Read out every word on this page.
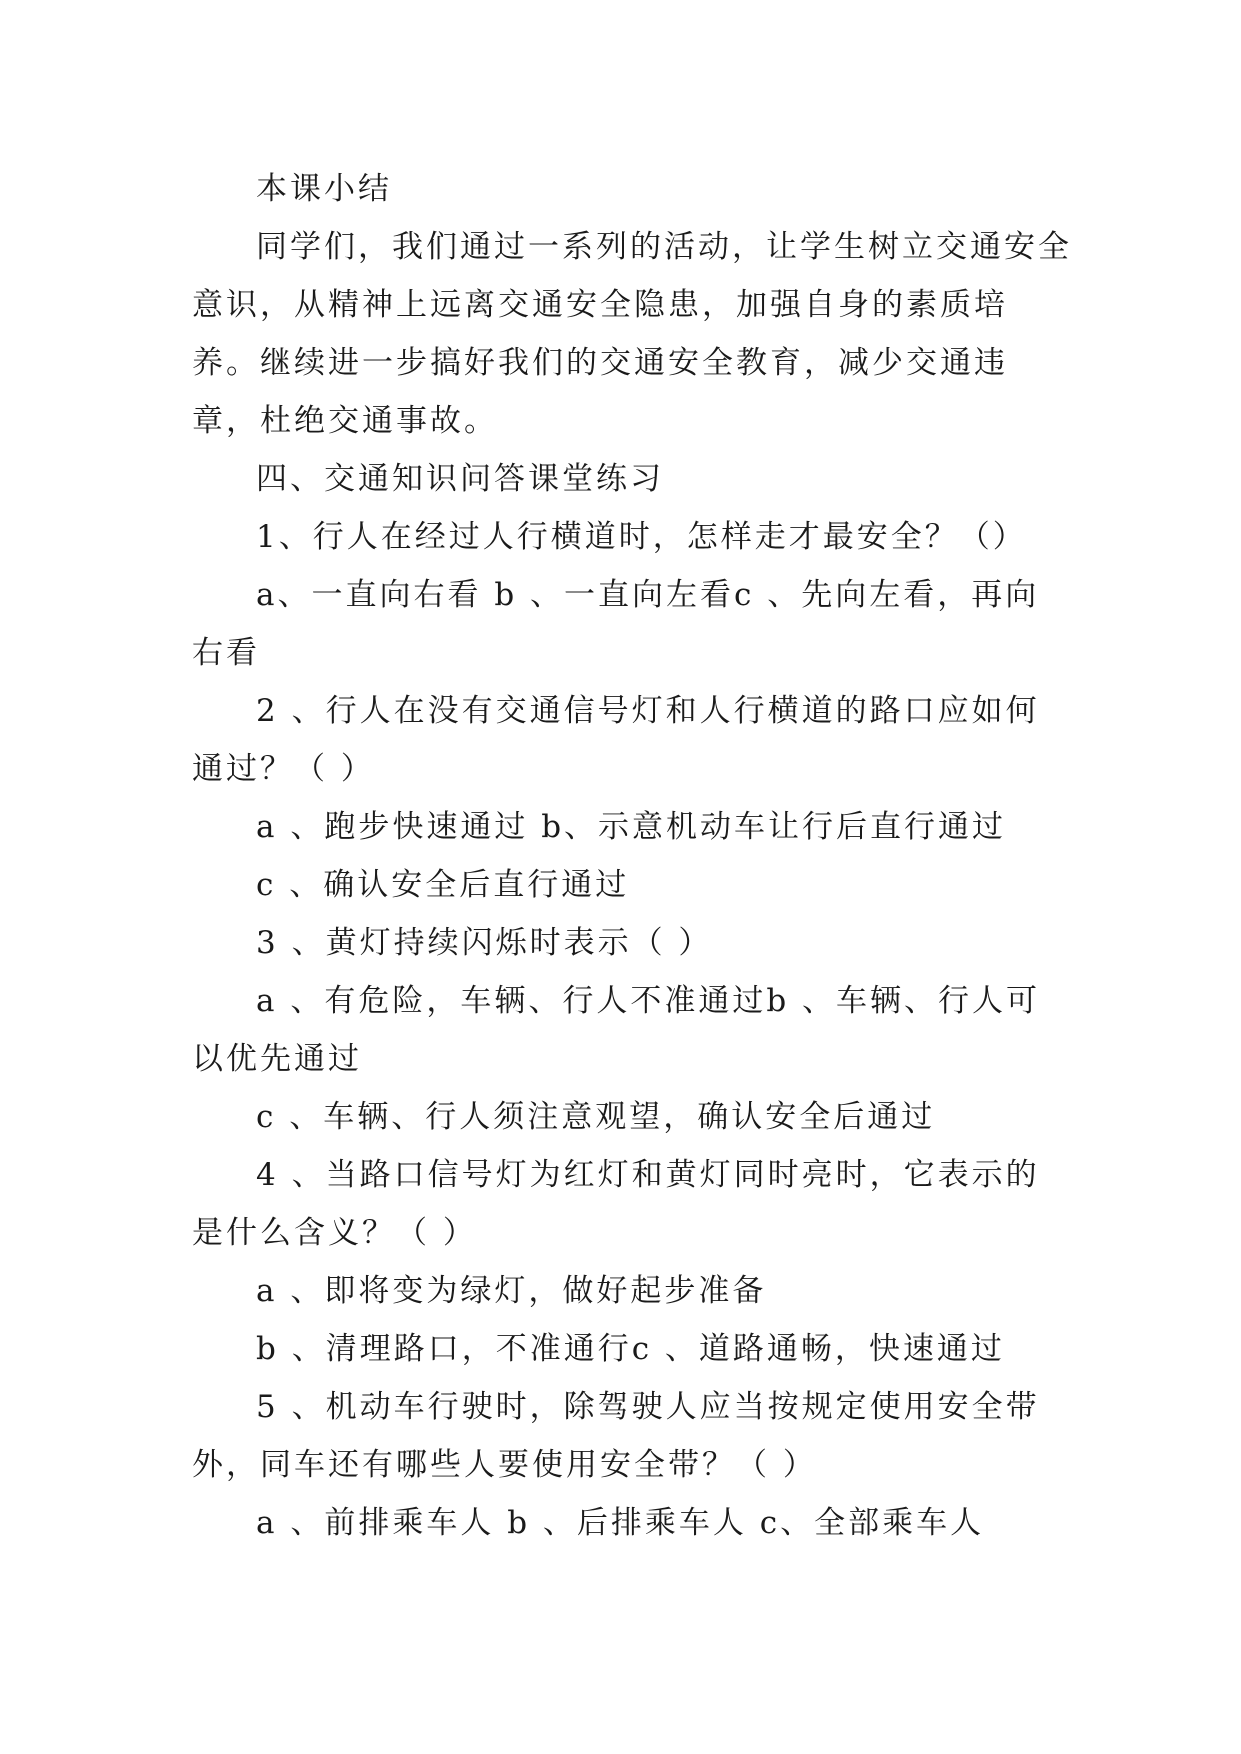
本课小结

同学们，我们通过一系列的活动，让学生树立交通安全意识，从精神上远离交通安全隐患，加强自身的素质培养。继续进一步搞好我们的交通安全教育，减少交通违章，杜绝交通事故。

四、交通知识问答课堂练习

1、行人在经过人行横道时，怎样走才最安全？（）

a、一直向右看 b 、一直向左看c 、先向左看，再向右看

2 、行人在没有交通信号灯和人行横道的路口应如何通过？（ ）

a 、跑步快速通过 b、示意机动车让行后直行通过

c 、确认安全后直行通过

3 、黄灯持续闪烁时表示（ ）

a 、有危险，车辆、行人不准通过b 、车辆、行人可以优先通过

c 、车辆、行人须注意观望，确认安全后通过

4 、当路口信号灯为红灯和黄灯同时亮时，它表示的是什么含义？（ ）

a 、即将变为绿灯，做好起步准备

b 、清理路口，不准通行c 、道路通畅，快速通过

5 、机动车行驶时，除驾驶人应当按规定使用安全带外，同车还有哪些人要使用安全带？（ ）

a 、前排乘车人 b 、后排乘车人 c、全部乘车人
